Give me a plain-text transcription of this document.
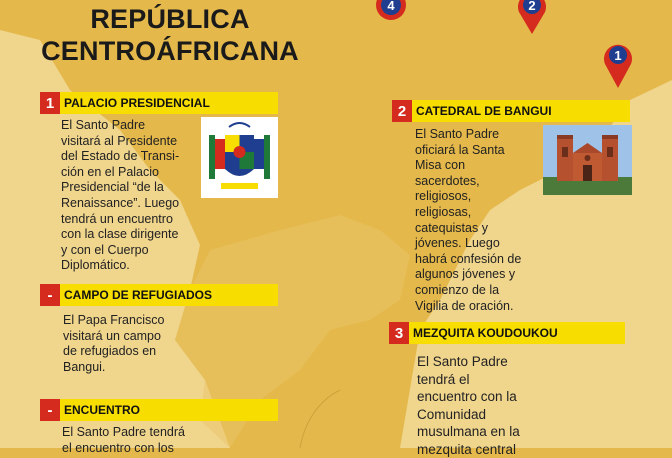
REPÚBLICA
CENTROÁFRICANA
4	2
1
1 PALACIO PRESIDENCIAL
El Santo Padre
visitará al Presidente
del Estado de Transi-
ción en el Palacio
Presidencial “de la
Renaissance”. Luego
tendrá un encuentro
con la clase dirigente
y con el Cuerpo
Diplomático.
- CAMPO DE REFUGIADOS
El Papa Francisco
visitará un campo
de refugiados en
Bangui.
- ENCUENTRO
El Santo Padre tendrá
el encuentro con los
2 CATEDRAL DE BANGUI
El Santo Padre
oficiará la Santa
Misa con
sacerdotes,
religiosos,
religiosas,
catequistas y
jóvenes. Luego
habrá confesión de
algunos jóvenes y
comienzo de la
Vigilia de oración.
3 MEZQUITA KOUDOUKOU
El Santo Padre
tendrá el
encuentro con la
Comunidad
musulmana en la
mezquita central
